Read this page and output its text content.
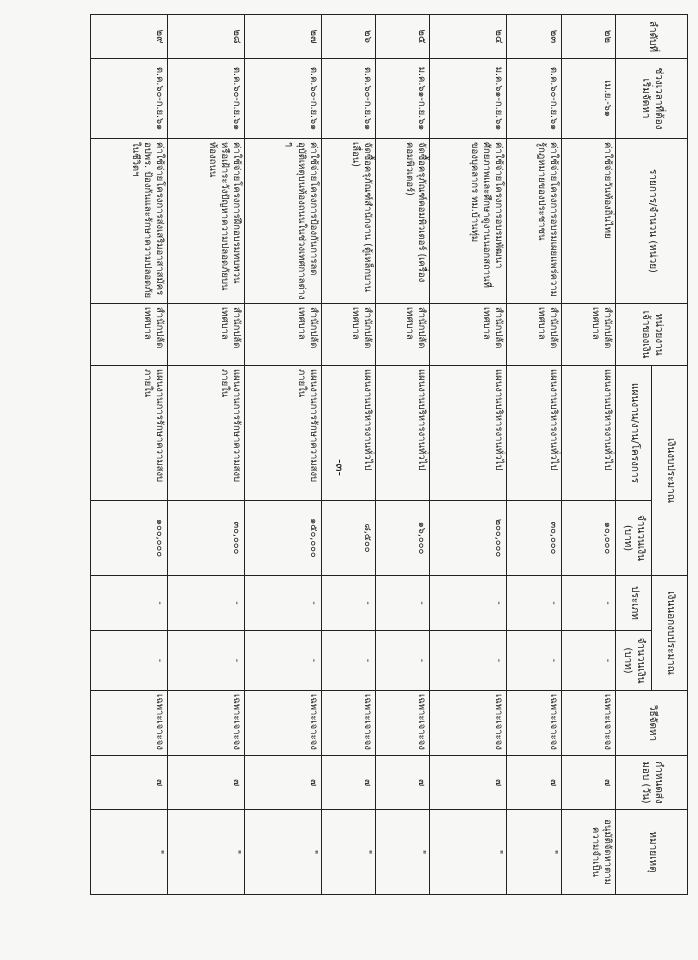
-๓-
ลำดับที่	ช่วงเวลาที่ต้องเริ่มจัดหา	รายการ/จำนวน (หน่วย)	หน่วยงานเจ้าของเงิน	เงินงบประมาณ		เงินนอกงบประมาณ		วิธีจัดหา	กำหนดส่งมอบ (วัน)	หมายเหตุ
				แผนงาน/งาน/โครงการ	จำนวนเงิน (บาท)	ประเภท	จำนวนเงิน (บาท)			
๒๒	เม.ย.-๖๑	ค่าใช้จ่ายวันท้องถิ่นไทย	สำนักปลัดเทศบาล	แผนงานบริหารงานทั่วไป	๑๐,๐๐๐	-	-	เฉพาะเจาะจง	๗	อนุมัติจัดหาตามความจำเป็น
๒๓	ต.ค.๖๐-ก.ย.๖๑	ค่าใช้จ่ายโครงการอบรมเผยแพร่ความรู้กฎหมายของประชาชน	สำนักปลัดเทศบาล	แผนงานบริหารงานทั่วไป	๓๐,๐๐๐	-	-	เฉพาะเจาะจง	๗	"
๒๔	ม.ค.๖๑-ก.ย.๖๑	ค่าใช้จ่ายโครงการอบรมพัฒนาศักยภาพและศึกษาดูงานนอกสถานที่ของบุคลากร ทม.บ้านทุ่ม	สำนักปลัดเทศบาล	แผนงานบริหารงานทั่วไป	๒๐๐,๐๐๐	-	-	เฉพาะเจาะจง	๗	"
๒๕	ม.ค.๖๑-ก.ย.๖๑	จัดซื้อครุภัณฑ์คอมพิวเตอร์ (เครื่องคอมพิวเตอร์)	สำนักปลัดเทศบาล	แผนงานบริหารงานทั่วไป	๑๖,๐๐๐	-	-	เฉพาะเจาะจง	๗	"
๒๖	ต.ค.๖๐-ก.ย.๖๑	จัดซื้อครุภัณฑ์สำนักงาน (ตู้เหล็กบานเลื่อน)	สำนักปลัดเทศบาล	แผนงานบริหารงานทั่วไป	๘,๕๐๐	-	-	เฉพาะเจาะจง	๗	"
๒๗	ต.ค.๖๐-ก.ย.๖๑	ค่าใช้จ่ายโครงการป้องกันการลดอุบัติเหตุบนท้องถนนในช่วงเทศกาลต่าง ๆ	สำนักปลัดเทศบาล	แผนงานการรักษาความสงบภายใน	๑๕๐,๐๐๐	-	-	เฉพาะเจาะจง	๗	"
๒๘	ต.ค.๖๐-ก.ย.๖๑	ค่าใช้จ่ายโครงการฝึกอบรมทบทวนหรือเฝ้าระวังปัญหาความปลอดภัยบนท้องถนน	สำนักปลัดเทศบาล	แผนงานการรักษาความสงบภายใน	๓๐,๐๐๐	-	-	เฉพาะเจาะจง	๗	"
๒๙	ต.ค.๖๐-ก.ย.๖๑	ค่าใช้จ่ายโครงการส่งเสริมอาสาสมัคร อปพร. ป้องกันและรักษาความปลอดภัยในชีวิตฯ	สำนักปลัดเทศบาล	แผนงานการรักษาความสงบภายใน	๑๐๐,๐๐๐	-	-	เฉพาะเจาะจง	๗	"
